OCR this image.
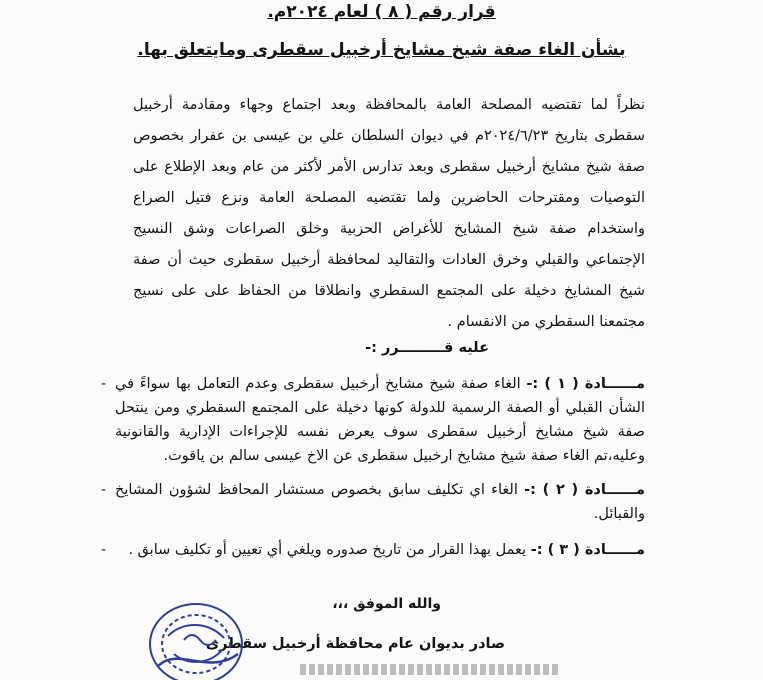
قرار رقم ( ٨ ) لعام ٢٠٢٤م.
بشأن الغاء صفة شيخ مشايخ أرخبيل سقطرى ومايتعلق بها.
نظراً لما تقتضيه المصلحة العامة بالمحافظة وبعد اجتماع وجهاء ومقادمة أرخبيل سقطرى بتاريخ ٢٠٢٤/٦/٢٣م في ديوان السلطان علي بن عيسى بن عفرار بخصوص صفة شيخ مشايخ أرخبيل سقطرى وبعد تدارس الأمر لأكثر من عام وبعد الإطلاع على التوصيات ومقترحات الحاضرين ولما تقتضيه المصلحة العامة ونزع فتيل الصراع واستخدام صفة شيخ المشايخ للأغراض الحزبية وخلق الصراعات وشق النسيج الإجتماعي والقبلي وخرق العادات والتقاليد لمحافظة أرخبيل سقطرى حيث أن صفة شيخ المشايخ دخيلة على المجتمع السقطري وانطلاقا من الحفاظ على على نسيج مجتمعنا السقطري من الانقسام .
عليه قـــــــــرر :-
-	مــــــادة ( ١ ) :- الغاء صفة شيخ مشايخ أرخبيل سقطرى وعدم التعامل بها سواءً في الشأن القبلي أو الصفة الرسمية للدولة كونها دخيلة على المجتمع السقطري ومن ينتحل صفة شيخ مشايخ أرخبيل سقطرى سوف يعرض نفسه للإجراءات الإدارية والقانونية وعليه،تم الغاء صفة شيخ مشايخ ارخبيل سقطرى عن الاخ عيسى سالم بن ياقوت.
-	مــــــادة ( ٢ ) :- الغاء اي تكليف سابق بخصوص مستشار المحافظ لشؤون المشايخ والقبائل.
-	مــــــادة ( ٣ ) :- يعمل بهذا القرار من تاريخ صدوره ويلغي أي تعيين أو تكليف سابق .
والله الموفق ،،،
صادر بديوان عام محافظة أرخبيل سقطرى
